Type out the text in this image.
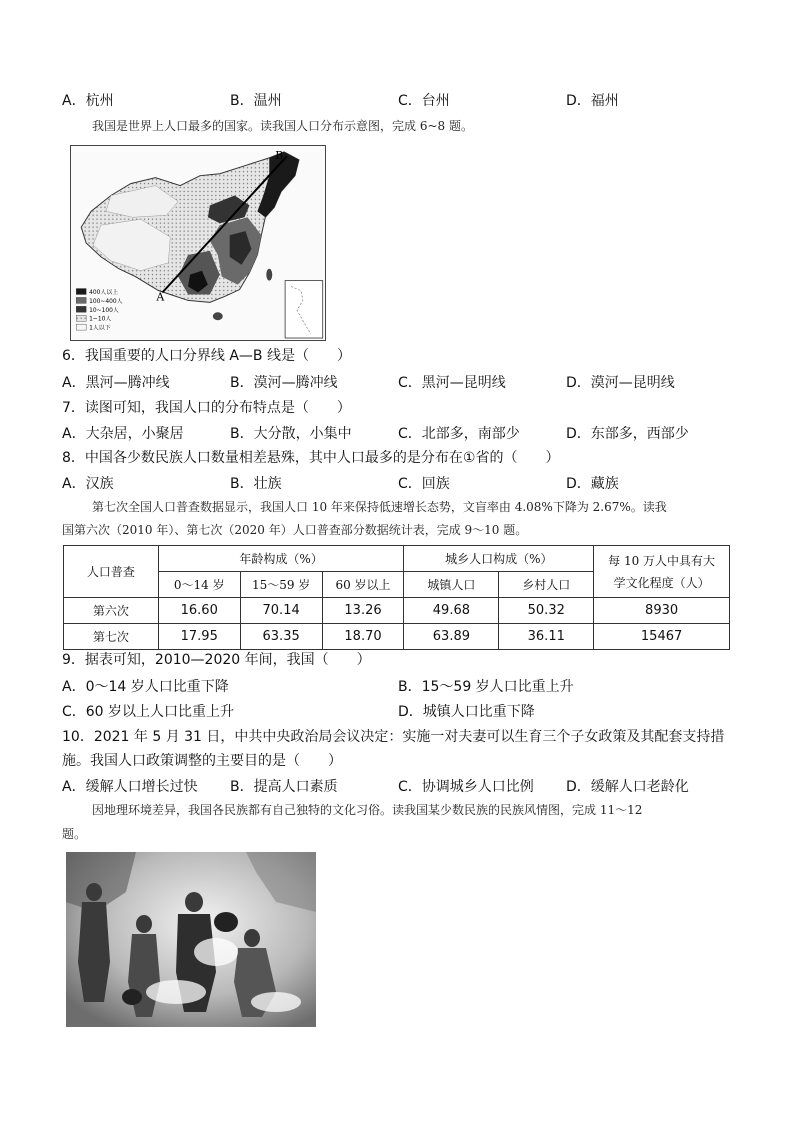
A．杭州	B．温州	C．台州	D．福州
我国是世界上人口最多的国家。读我国人口分布示意图，完成 6~8 题。
A
B
400人以上
100~400人
10~100人
1~10人
1人以下
6．我国重要的人口分界线 A—B 线是（　　）
A．黑河—腾冲线	B．漠河—腾冲线	C．黑河—昆明线	D．漠河—昆明线
7．读图可知，我国人口的分布特点是（　　）
A．大杂居，小聚居	B．大分散，小集中	C．北部多，南部少	D．东部多，西部少
8．中国各少数民族人口数量相差悬殊，其中人口最多的是分布在①省的（　　）
A．汉族	B．壮族	C．回族	D．藏族
第七次全国人口普查数据显示，我国人口 10 年来保持低速增长态势，文盲率由 4.08%下降为 2.67%。读我
国第六次（2010 年）、第七次（2020 年）人口普查部分数据统计表，完成 9～10 题。
人口普查	年龄构成（%）			城乡人口构成（%）		每 10 万人中具有大
学文化程度（人）

	0～14 岁	15～59 岁	60 岁以上	城镇人口	乡村人口	
第六次	16.60	70.14	13.26	49.68	50.32	8930
第七次	17.95	63.35	18.70	63.89	36.11	15467
9．据表可知，2010—2020 年间，我国（　　）
A．0～14 岁人口比重下降	B．15～59 岁人口比重上升
C．60 岁以上人口比重上升	D．城镇人口比重下降
10．2021 年 5 月 31 日，中共中央政治局会议决定：实施一对夫妻可以生育三个子女政策及其配套支持措
施。我国人口政策调整的主要目的是（　　）
A．缓解人口增长过快 B．提高人口素质	C．协调城乡人口比例 D．缓解人口老龄化
因地理环境差异，我国各民族都有自己独特的文化习俗。读我国某少数民族的民族风情图，完成 11～12
题。
